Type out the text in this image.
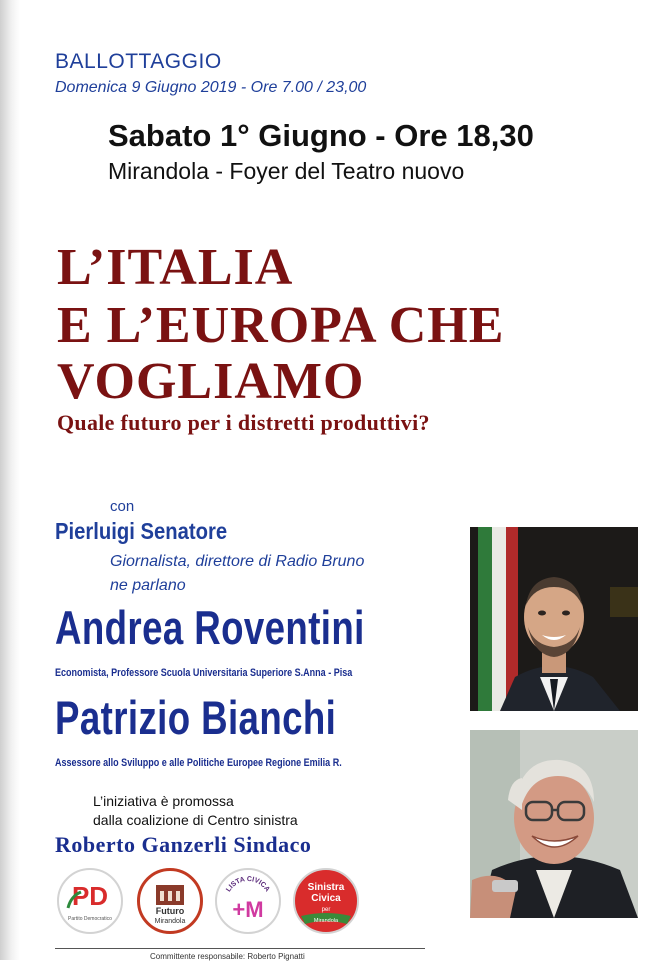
BALLOTTAGGIO
Domenica 9 Giugno 2019 - Ore 7.00 / 23,00
Sabato 1° Giugno - Ore 18,30
Mirandola - Foyer del Teatro nuovo
L’ITALIA
E L’EUROPA CHE
VOGLIAMO
Quale futuro per i distretti produttivi?
con
Pierluigi Senatore
Giornalista, direttore di Radio Bruno
ne parlano
Andrea Roventini
Economista, Professore Scuola Universitaria Superiore S.Anna - Pisa
Patrizio Bianchi
Assessore allo Sviluppo e alle Politiche Europee Regione Emilia R.
L’iniziativa è promossa
dalla coalizione di Centro sinistra
Roberto Ganzerli Sindaco
PD
Partito Democratico
Futuro
Mirandola
LISTA CIVICA
+M
Sinistra
Civica
per
Mirandola
Committente responsabile: Roberto Pignatti
